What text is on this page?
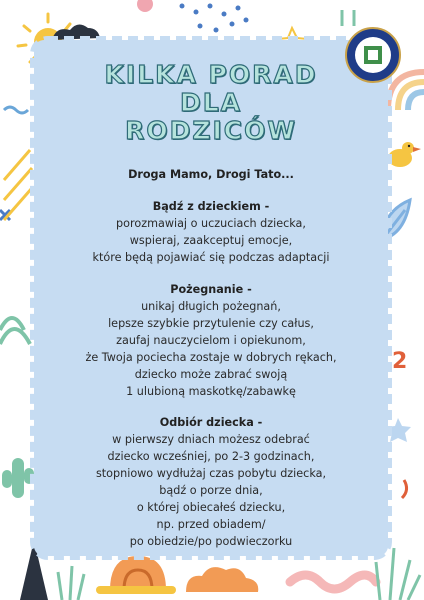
2
KILKA PORAD
DLA
RODZICÓW
Droga Mamo, Drogi Tato...
Bądź z dzieckiem -
porozmawiaj o uczuciach dziecka,
wspieraj, zaakceptuj emocje,
które będą pojawiać się podczas adaptacji
Pożegnanie -
unikaj długich pożegnań,
lepsze szybkie przytulenie czy całus,
zaufaj nauczycielom i opiekunom,
że Twoja pociecha zostaje w dobrych rękach,
dziecko może zabrać swoją
1 ulubioną maskotkę/zabawkę
Odbiór dziecka -
w pierwszy dniach możesz odebrać
dziecko wcześniej, po 2-3 godzinach,
stopniowo wydłużaj czas pobytu dziecka,
bądź o porze dnia,
o której obiecałeś dziecku,
np. przed obiadem/
po obiedzie/po podwieczorku
